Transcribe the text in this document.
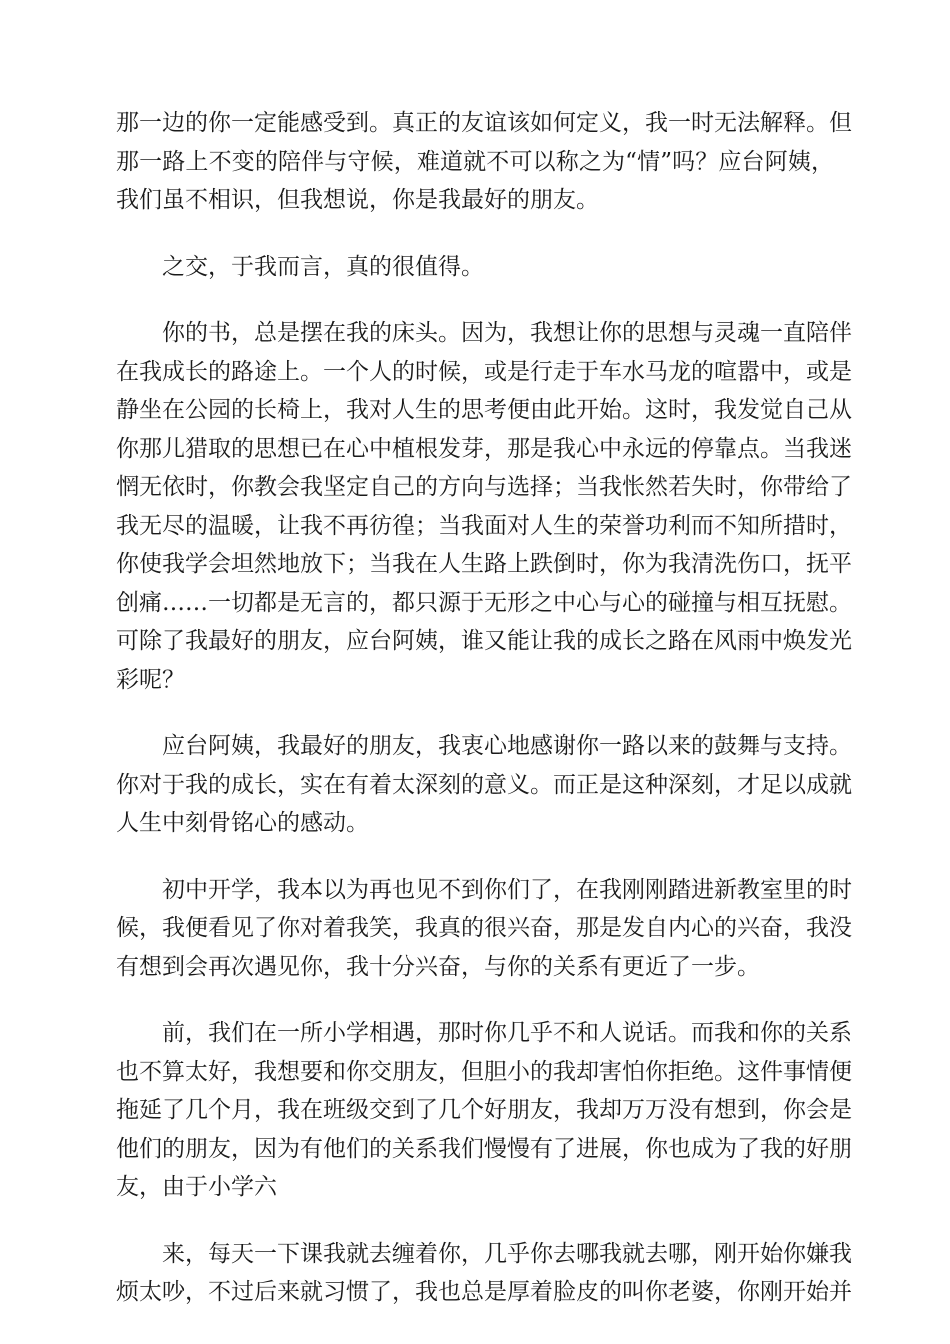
那一边的你一定能感受到。真正的友谊该如何定义，我一时无法解释。但
那一路上不变的陪伴与守候，难道就不可以称之为“情”吗？应台阿姨，
我们虽不相识，但我想说，你是我最好的朋友。
之交，于我而言，真的很值得。
你的书，总是摆在我的床头。因为，我想让你的思想与灵魂一直陪伴
在我成长的路途上。一个人的时候，或是行走于车水马龙的喧嚣中，或是
静坐在公园的长椅上，我对人生的思考便由此开始。这时，我发觉自己从
你那儿猎取的思想已在心中植根发芽，那是我心中永远的停靠点。当我迷
惘无依时，你教会我坚定自己的方向与选择；当我怅然若失时，你带给了
我无尽的温暖，让我不再彷徨；当我面对人生的荣誉功利而不知所措时，
你使我学会坦然地放下；当我在人生路上跌倒时，你为我清洗伤口，抚平
创痛……一切都是无言的，都只源于无形之中心与心的碰撞与相互抚慰。
可除了我最好的朋友，应台阿姨，谁又能让我的成长之路在风雨中焕发光
彩呢？
应台阿姨，我最好的朋友，我衷心地感谢你一路以来的鼓舞与支持。
你对于我的成长，实在有着太深刻的意义。而正是这种深刻，才足以成就
人生中刻骨铭心的感动。
初中开学，我本以为再也见不到你们了，在我刚刚踏进新教室里的时
候，我便看见了你对着我笑，我真的很兴奋，那是发自内心的兴奋，我没
有想到会再次遇见你，我十分兴奋，与你的关系有更近了一步。
前，我们在一所小学相遇，那时你几乎不和人说话。而我和你的关系
也不算太好，我想要和你交朋友，但胆小的我却害怕你拒绝。这件事情便
拖延了几个月，我在班级交到了几个好朋友，我却万万没有想到，你会是
他们的朋友，因为有他们的关系我们慢慢有了进展，你也成为了我的好朋
友，由于小学六
来，每天一下课我就去缠着你，几乎你去哪我就去哪，刚开始你嫌我
烦太吵，不过后来就习惯了，我也总是厚着脸皮的叫你老婆，你刚开始并
